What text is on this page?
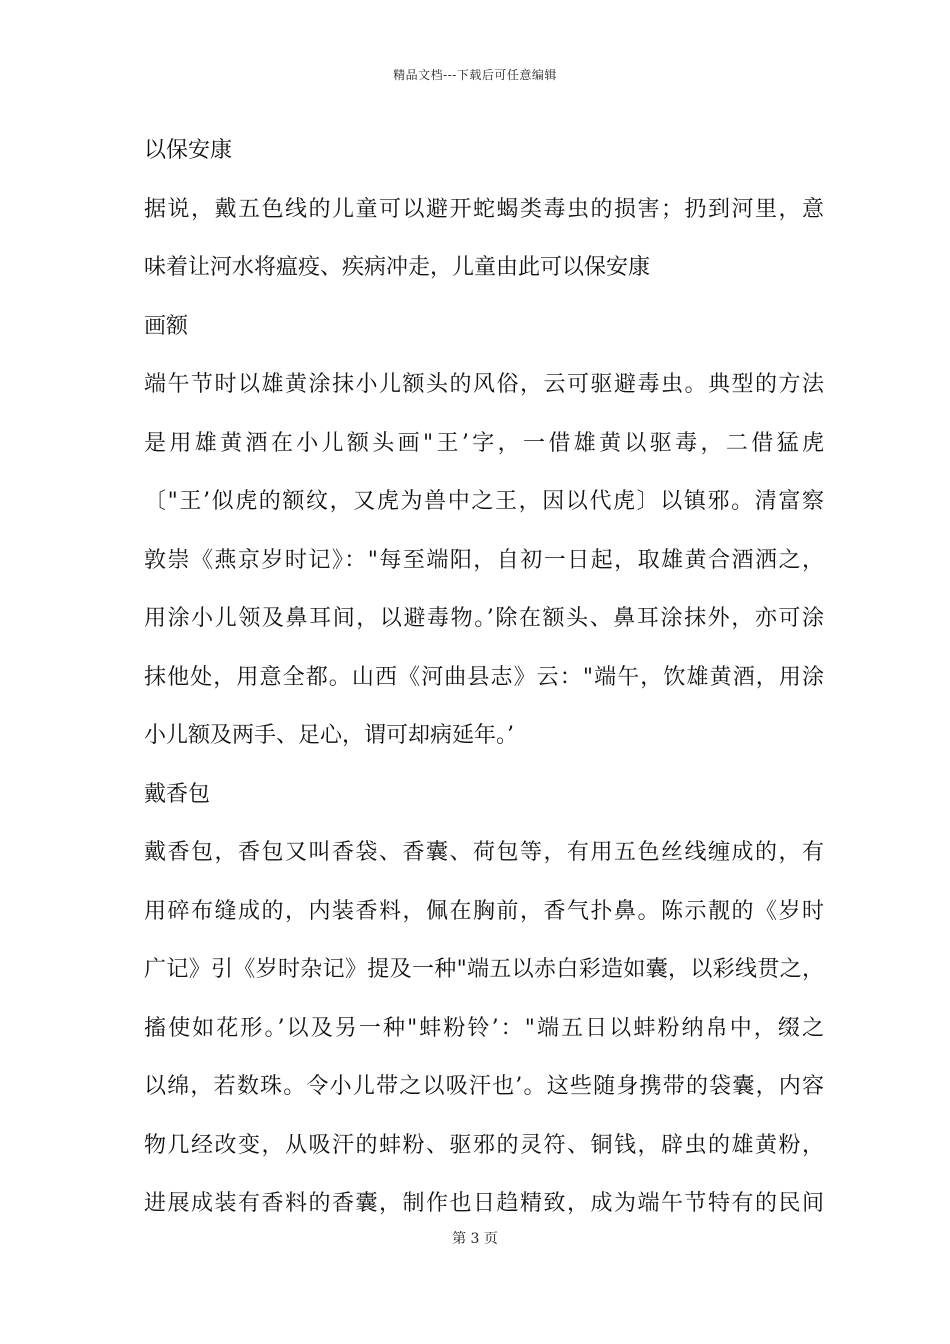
精品文档---下载后可任意编辑
以保安康
据说，戴五色线的儿童可以避开蛇蝎类毒虫的损害；扔到河里，意
味着让河水将瘟疫、疾病冲走，儿童由此可以保安康
画额
端午节时以雄黄涂抹小儿额头的风俗，云可驱避毒虫。典型的方法
是用雄黄酒在小儿额头画"王’字，一借雄黄以驱毒，二借猛虎
〔"王’似虎的额纹，又虎为兽中之王，因以代虎〕以镇邪。清富察
敦崇《燕京岁时记》："每至端阳，自初一日起，取雄黄合酒洒之，
用涂小儿领及鼻耳间，以避毒物。’除在额头、鼻耳涂抹外，亦可涂
抹他处，用意全都。山西《河曲县志》云："端午，饮雄黄酒，用涂
小儿额及两手、足心，谓可却病延年。’
戴香包
戴香包，香包又叫香袋、香囊、荷包等，有用五色丝线缠成的，有
用碎布缝成的，内装香料，佩在胸前，香气扑鼻。陈示靓的《岁时
广记》引《岁时杂记》提及一种"端五以赤白彩造如囊，以彩线贯之，
搐使如花形。’以及另一种"蚌粉铃’："端五日以蚌粉纳帛中，缀之
以绵，若数珠。令小儿带之以吸汗也’。这些随身携带的袋囊，内容
物几经改变，从吸汗的蚌粉、驱邪的灵符、铜钱，辟虫的雄黄粉，
进展成装有香料的香囊，制作也日趋精致，成为端午节特有的民间
第 3 页
